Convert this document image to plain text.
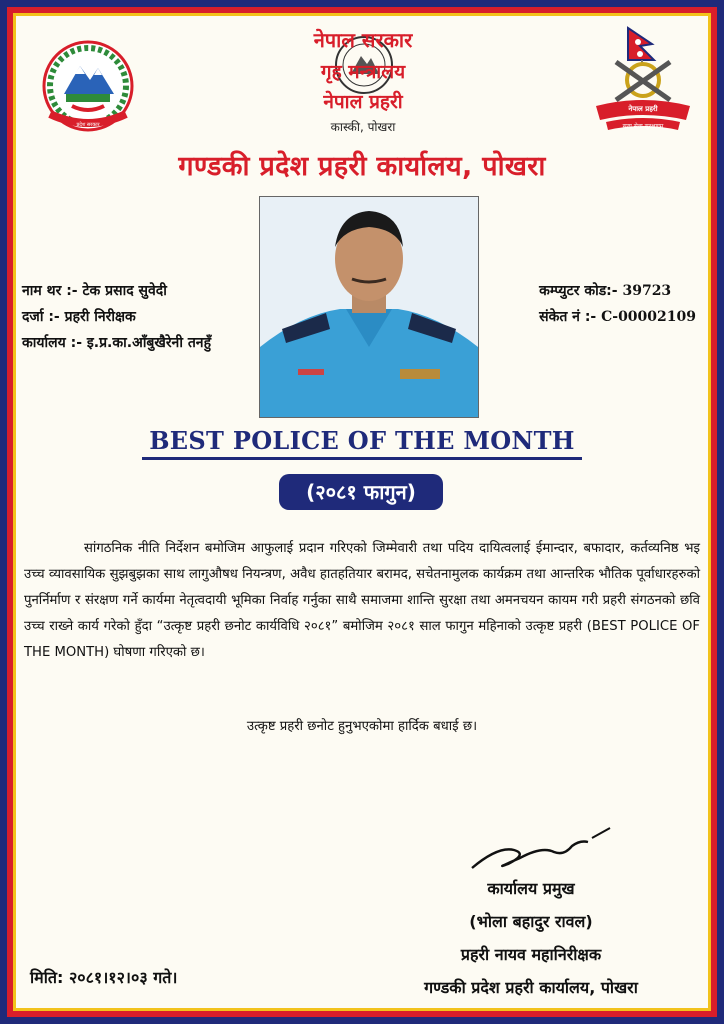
प्रदेश सरकार
नेपाल सरकार
गृह मन्त्रालय
नेपाल प्रहरी
कास्की, पोखरा
नेपाल प्रहरी
सत्य सेवा सुरक्षणम्
गण्डकी प्रदेश प्रहरी कार्यालय, पोखरा
नाम थर :- टेक प्रसाद सुवेदी
दर्जा :- प्रहरी निरीक्षक
कार्यालय :- इ.प्र.का.आँबुखैरेनी तनहुँ
कम्प्युटर कोड:- 39723
संकेत नं :- C-00002109
BEST POLICE OF THE MONTH
(२०८१ फागुन)
सांगठनिक नीति निर्देशन बमोजिम आफुलाई प्रदान गरिएको जिम्मेवारी तथा पदिय दायित्वलाई ईमान्दार, बफादार, कर्तव्यनिष्ठ भइ उच्च व्यावसायिक सुझबुझका साथ लागुऔषध नियन्त्रण, अवैध हातहतियार बरामद, सचेतनामुलक कार्यक्रम तथा आन्तरिक भौतिक पूर्वाधारहरुको पुनर्निर्माण र संरक्षण गर्ने कार्यमा नेतृत्वदायी भूमिका निर्वाह गर्नुका साथै समाजमा शान्ति सुरक्षा तथा अमनचयन कायम गरी प्रहरी संगठनको छवि उच्च राख्ने कार्य गरेको हुँदा “उत्कृष्ट प्रहरी छनोट कार्यविधि २०८१” बमोजिम २०८१ साल फागुन महिनाको उत्कृष्ट प्रहरी (BEST POLICE OF THE MONTH) घोषणा गरिएको छ।
उत्कृष्ट प्रहरी छनोट हुनुभएकोमा हार्दिक बधाई छ।
कार्यालय प्रमुख
(भोला बहादुर रावल)
प्रहरी नायव महानिरीक्षक
गण्डकी प्रदेश प्रहरी कार्यालय, पोखरा
मिति: २०८१।१२।०३ गते।
